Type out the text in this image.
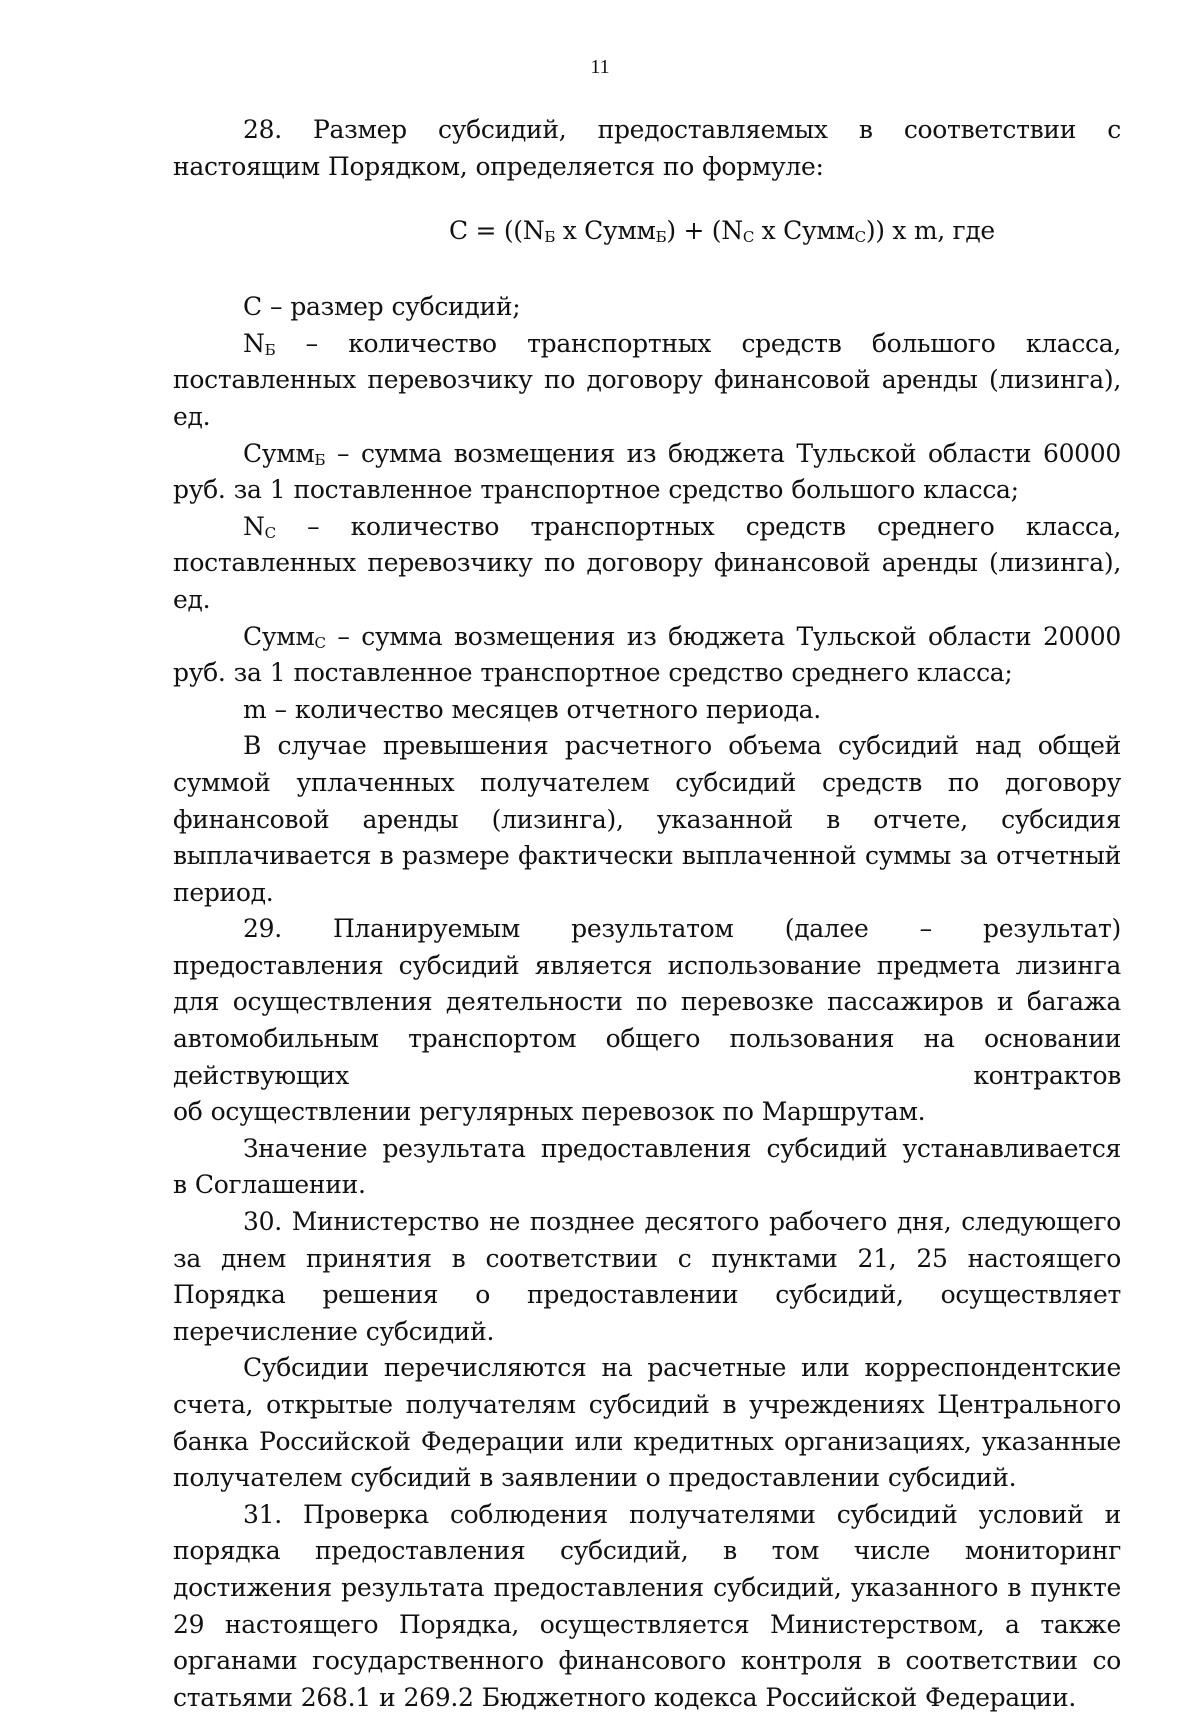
11

28. Размер субсидий, предоставляемых в соответствии с настоящим Порядком, определяется по формуле:

$С = ((N_Б$ х Сумм$_Б$) + ($N_С$ х Сумм$_С$)) х m, где

С – размер субсидий;

$N_Б$ – количество транспортных средств большого класса, поставленных перевозчику по договору финансовой аренды (лизинга), ед.

Сумм$_Б$ – сумма возмещения из бюджета Тульской области 60000 руб. за 1 поставленное транспортное средство большого класса;

$N_С$ – количество транспортных средств среднего класса, поставленных перевозчику по договору финансовой аренды (лизинга), ед.

Сумм$_С$ – сумма возмещения из бюджета Тульской области 20000 руб. за 1 поставленное транспортное средство среднего класса;

m – количество месяцев отчетного периода.

В случае превышения расчетного объема субсидий над общей суммой уплаченных получателем субсидий средств по договору финансовой аренды (лизинга), указанной в отчете, субсидия выплачивается в размере фактически выплаченной суммы за отчетный период.

29. Планируемым результатом (далее – результат) предоставления субсидий является использование предмета лизинга для осуществления деятельности по перевозке пассажиров и багажа автомобильным транспортом общего пользования на основании действующих контрактов

об осуществлении регулярных перевозок по Маршрутам.

Значение результата предоставления субсидий устанавливается

в Соглашении.

30. Министерство не позднее десятого рабочего дня, следующего за днем принятия в соответствии с пунктами 21, 25 настоящего Порядка решения о предоставлении субсидий, осуществляет перечисление субсидий.

Субсидии перечисляются на расчетные или корреспондентские счета, открытые получателям субсидий в учреждениях Центрального банка Российской Федерации или кредитных организациях, указанные получателем субсидий в заявлении о предоставлении субсидий.

31. Проверка соблюдения получателями субсидий условий и порядка предоставления субсидий, в том числе мониторинг достижения результата предоставления субсидий, указанного в пункте 29 настоящего Порядка, осуществляется Министерством, а также органами государственного финансового контроля в соответствии со статьями 268.1 и 269.2 Бюджетного кодекса Российской Федерации.
